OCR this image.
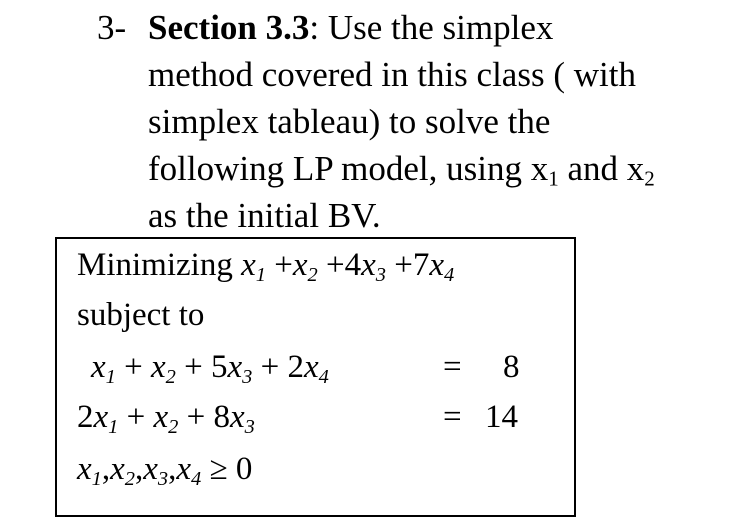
3- Section 3.3: Use the simplex
method covered in this class ( with
simplex tableau) to solve the
following LP model, using x1 and x2
as the initial BV.
Minimizing x1 +x2 +4x3 +7x4
subject to
x1 + x2 + 5x3 + 2x4	= 8
2x1 + x2 + 8x3	= 14
x1,x2,x3,x4 ≥ 0
